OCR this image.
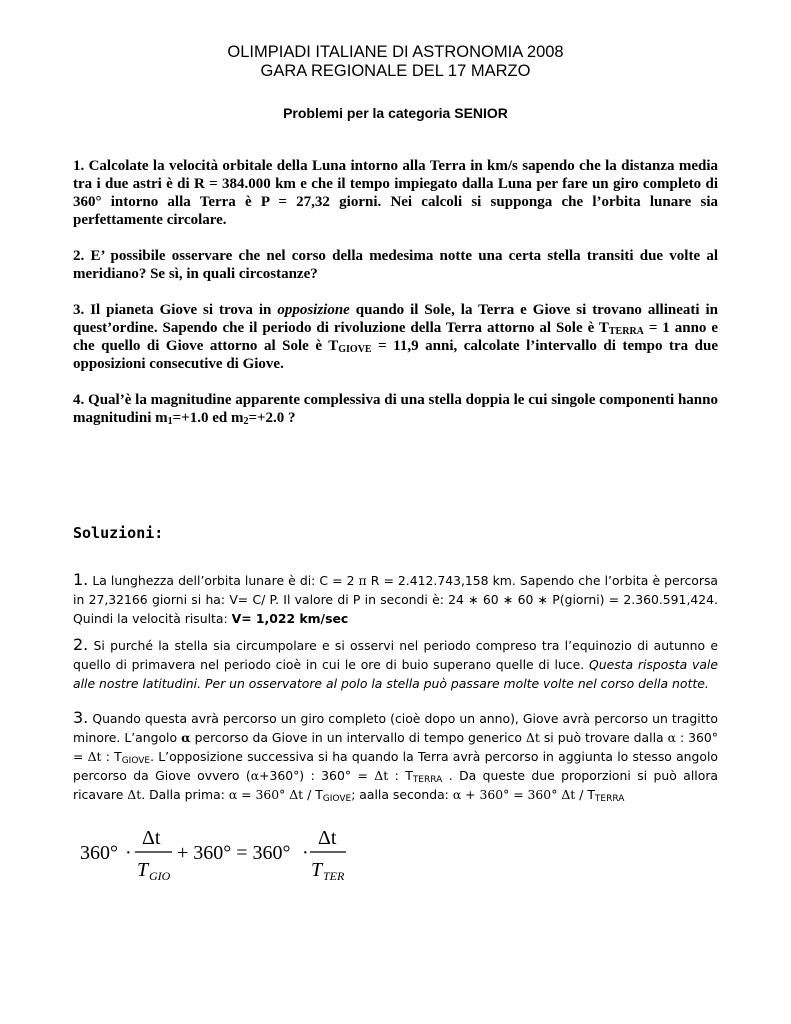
OLIMPIADI ITALIANE DI ASTRONOMIA 2008
GARA REGIONALE DEL 17 MARZO
Problemi per la categoria SENIOR

1. Calcolate la velocità orbitale della Luna intorno alla Terra in km/s sapendo che la distanza media tra i due astri è di R = 384.000 km e che il tempo impiegato dalla Luna per fare un giro completo di 360° intorno alla Terra è P = 27,32 giorni. Nei calcoli si supponga che l’orbita lunare sia perfettamente circolare.

2. E’ possibile osservare che nel corso della medesima notte una certa stella transiti due volte al meridiano? Se sì, in quali circostanze?

3. Il pianeta Giove si trova in opposizione quando il Sole, la Terra e Giove si trovano allineati in quest’ordine. Sapendo che il periodo di rivoluzione della Terra attorno al Sole è $T_{TERRA} = 1$ anno e che quello di Giove attorno al Sole è $T_{GIOVE} = 11,9$ anni, calcolate l’intervallo di tempo tra due opposizioni consecutive di Giove.

4. Qual’è la magnitudine apparente complessiva di una stella doppia le cui singole componenti hanno magnitudini $m_1=+1.0$ ed $m_2=+2.0$ ?

Soluzioni:

1. La lunghezza dell’orbita lunare è di: C = 2 π R = 2.412.743,158 km. Sapendo che l’orbita è percorsa in 27,32166 giorni si ha: V= C/ P. Il valore di P in secondi è: 24 ∗ 60 ∗ 60 ∗ P(giorni) = 2.360.591,424. Quindi la velocità risulta: V= 1,022 km/sec

2. Si purché la stella sia circumpolare e si osservi nel periodo compreso tra l’equinozio di autunno e quello di primavera nel periodo cioè in cui le ore di buio superano quelle di luce. Questa risposta vale alle nostre latitudini. Per un osservatore al polo la stella può passare molte volte nel corso della notte.

3. Quando questa avrà percorso un giro completo (cioè dopo un anno), Giove avrà percorso un tragitto minore. L’angolo α percorso da Giove in un intervallo di tempo generico Δt si può trovare dalla α : 360° = Δt : $T_{GIOVE}$. L’opposizione successiva si ha quando la Terra avrà percorso in aggiunta lo stesso angolo percorso da Giove ovvero (α+360°) : 360° = Δt : $T_{TERRA}$ . Da queste due proporzioni si può allora ricavare Δt. Dalla prima: α = 360° Δt / $T_{GIOVE}$; aalla seconda: α + 360° = 360° Δt / $T_{TERRA}$

360° ·
Δt
T GIO
+ 360° = 360° ·
Δt
T TER
